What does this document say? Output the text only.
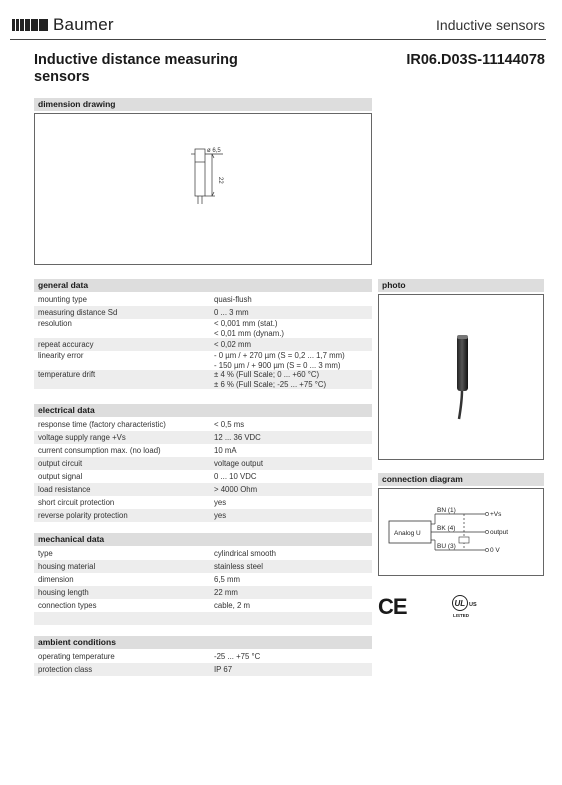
Baumer	Inductive sensors
Inductive distance measuring sensors
IR06.D03S-11144078
dimension drawing
ø 6,5
22
general data
mounting type	quasi-flush
measuring distance Sd	0 ... 3 mm
resolution	< 0,001 mm (stat.)
< 0,01 mm (dynam.)
repeat accuracy	< 0,02 mm
linearity error	- 0 µm / + 270 µm (S = 0,2 ... 1,7 mm)
- 150 µm / + 900 µm (S = 0 ... 3 mm)
temperature drift	± 4 % (Full Scale; 0 ... +60 °C)
± 6 % (Full Scale; -25 ... +75 °C)
electrical data
response time (factory characteristic)	< 0,5 ms
voltage supply range +Vs	12 ... 36 VDC
current consumption max. (no load)	10 mA
output circuit	voltage output
output signal	0 ... 10 VDC
load resistance	> 4000 Ohm
short circuit protection	yes
reverse polarity protection	yes
mechanical data
type	cylindrical smooth
housing material	stainless steel
dimension	6,5 mm
housing length	22 mm
connection types	cable, 2 m
ambient conditions
operating temperature	-25 ... +75 °C
protection class	IP 67
photo
connection diagram
Analog U
BN (1)
BK (4)
BU (3)
+Vs
output
0 V
CE	UL US
LISTED
